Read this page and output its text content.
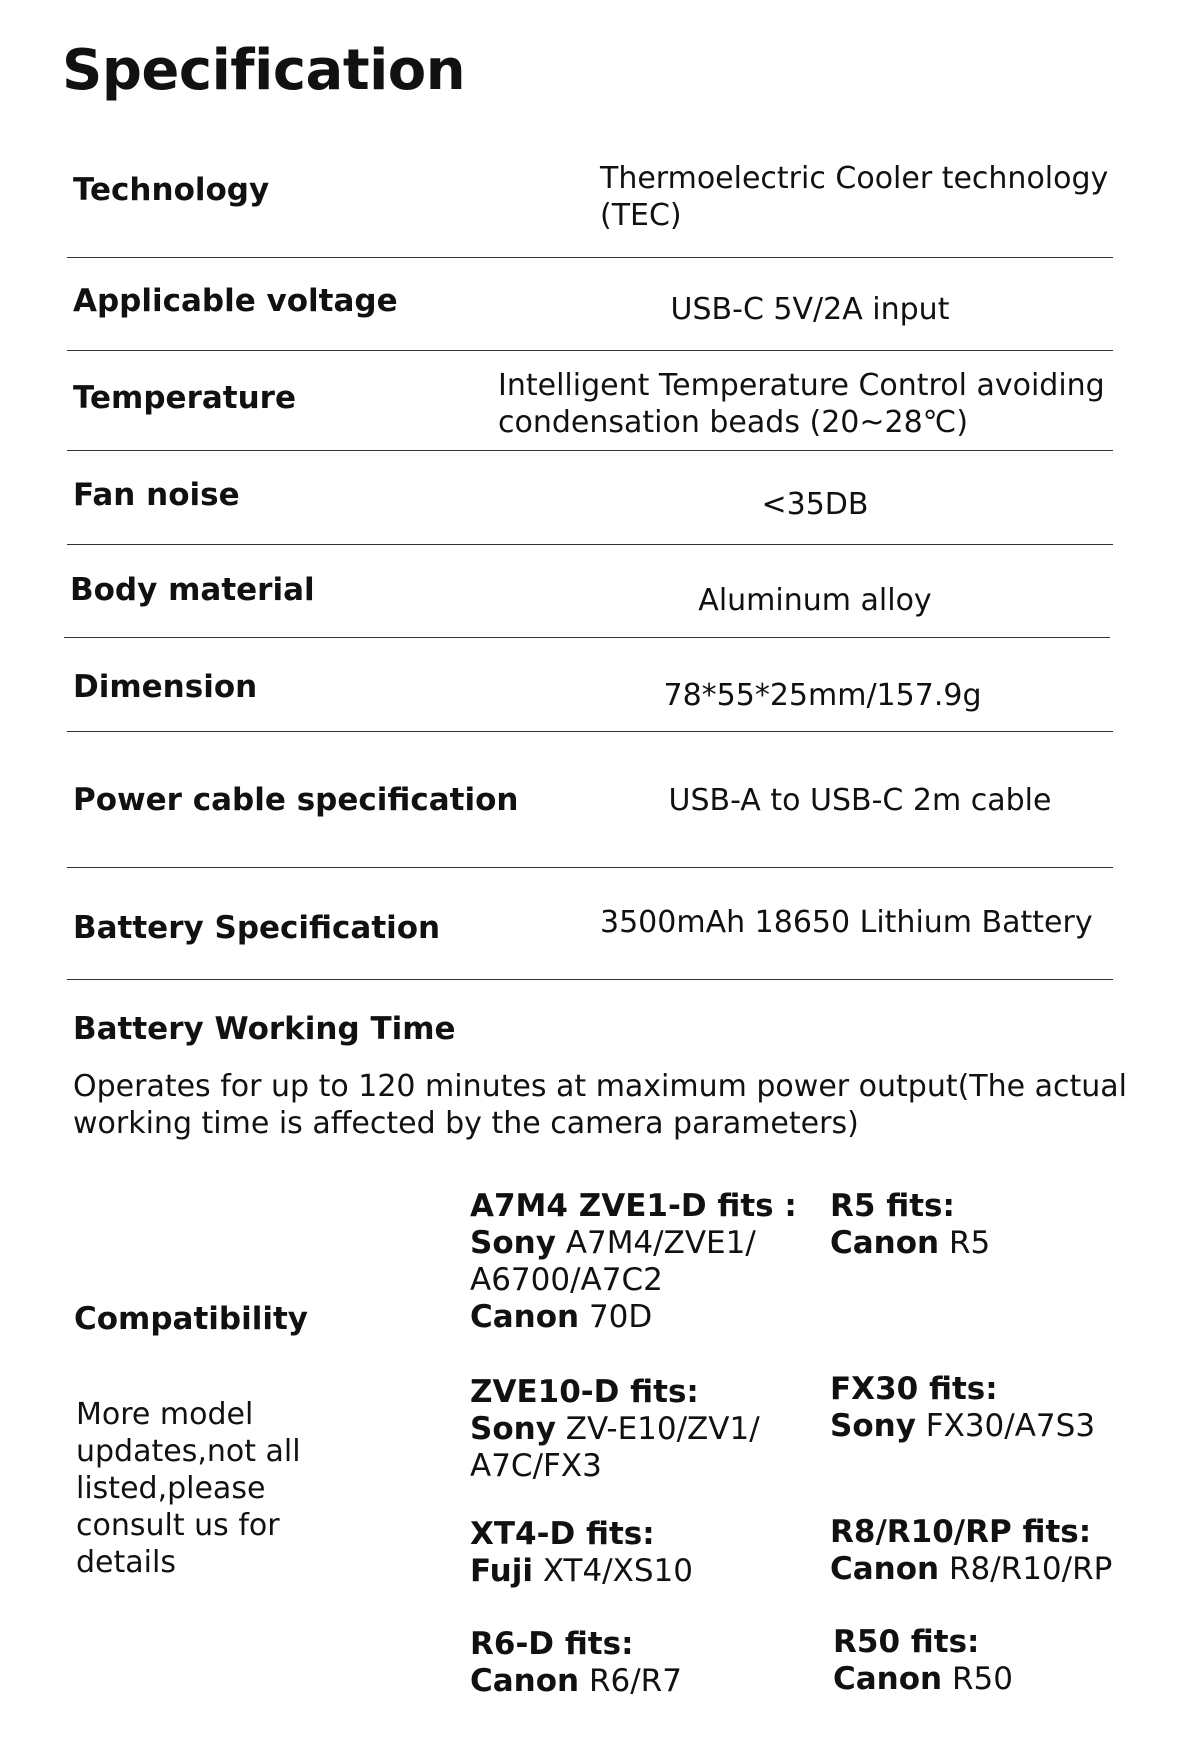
Specification
Technology	Thermoelectric Cooler technology (TEC)
Applicable voltage	USB-C 5V/2A input
Temperature	Intelligent Temperature Control avoiding condensation beads (20~28℃)
Fan noise	<35DB
Body material	Aluminum alloy
Dimension	78*55*25mm/157.9g
Power cable specification	USB-A to USB-C 2m cable
Battery Specification	3500mAh 18650 Lithium Battery
Battery Working Time
Operates for up to 120 minutes at maximum power output(The actual working time is affected by the camera parameters)
Compatibility
More model updates,not all listed,please consult us for details
A7M4 ZVE1-D fits :
Sony A7M4/ZVE1/
A6700/A7C2
Canon 70D
R5 fits:
Canon R5
ZVE10-D fits:
Sony ZV-E10/ZV1/
A7C/FX3
FX30 fits:
Sony FX30/A7S3
XT4-D fits:
Fuji XT4/XS10
R8/R10/RP fits:
Canon R8/R10/RP
R6-D fits:
Canon R6/R7
R50 fits:
Canon R50
